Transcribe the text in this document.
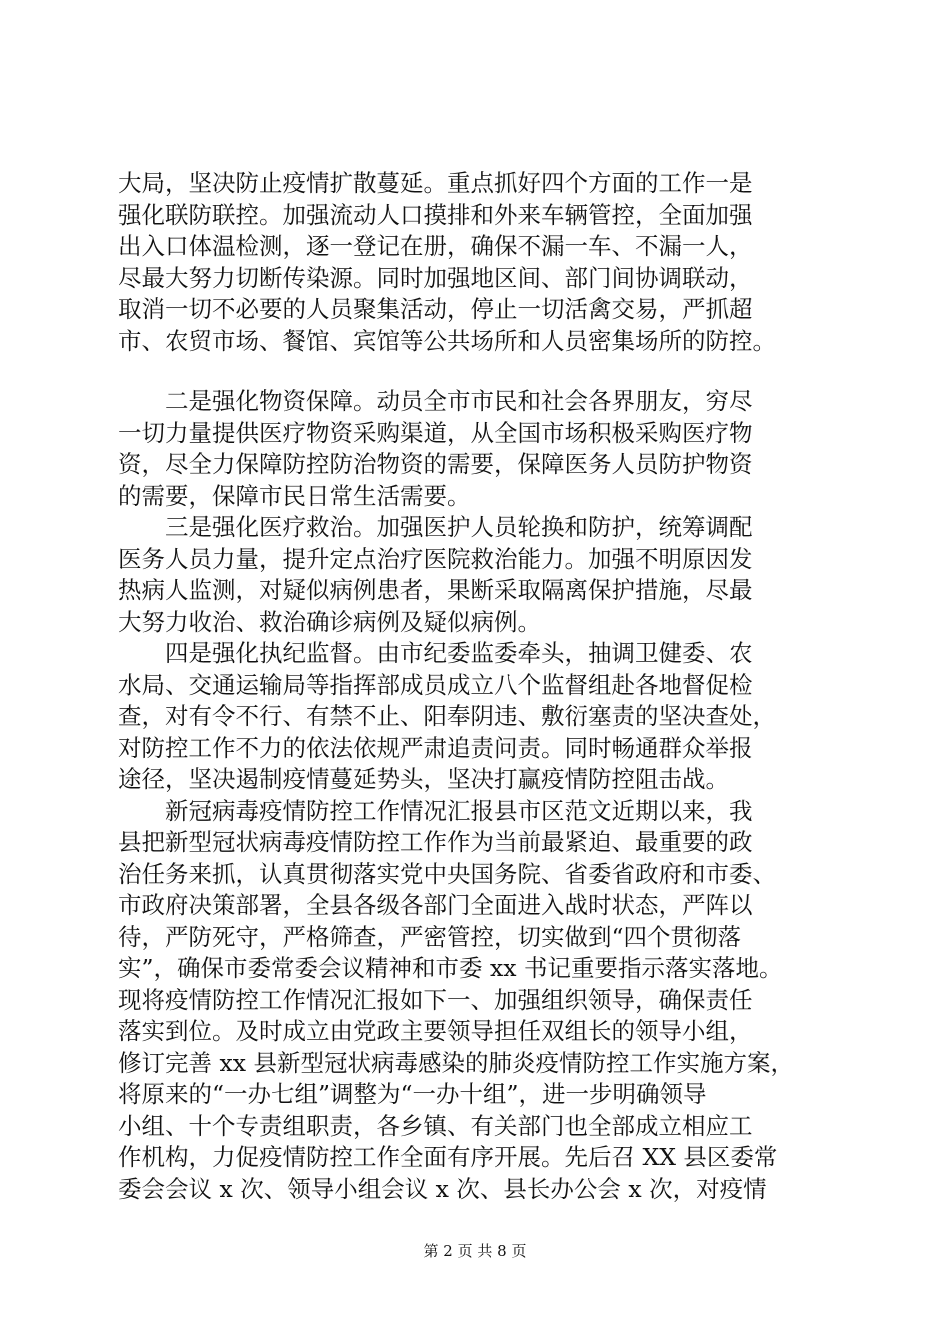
大局，坚决防止疫情扩散蔓延。重点抓好四个方面的工作一是
强化联防联控。加强流动人口摸排和外来车辆管控，全面加强
出入口体温检测，逐一登记在册，确保不漏一车、不漏一人，
尽最大努力切断传染源。同时加强地区间、部门间协调联动，
取消一切不必要的人员聚集活动，停止一切活禽交易，严抓超
市、农贸市场、餐馆、宾馆等公共场所和人员密集场所的防控。
　　二是强化物资保障。动员全市市民和社会各界朋友，穷尽
一切力量提供医疗物资采购渠道，从全国市场积极采购医疗物
资，尽全力保障防控防治物资的需要，保障医务人员防护物资
的需要，保障市民日常生活需要。
　　三是强化医疗救治。加强医护人员轮换和防护，统筹调配
医务人员力量，提升定点治疗医院救治能力。加强不明原因发
热病人监测，对疑似病例患者，果断采取隔离保护措施，尽最
大努力收治、救治确诊病例及疑似病例。
　　四是强化执纪监督。由市纪委监委牵头，抽调卫健委、农
水局、交通运输局等指挥部成员成立八个监督组赴各地督促检
查，对有令不行、有禁不止、阳奉阴违、敷衍塞责的坚决查处，
对防控工作不力的依法依规严肃追责问责。同时畅通群众举报
途径，坚决遏制疫情蔓延势头，坚决打赢疫情防控阻击战。
　　新冠病毒疫情防控工作情况汇报县市区范文近期以来，我
县把新型冠状病毒疫情防控工作作为当前最紧迫、最重要的政
治任务来抓，认真贯彻落实党中央国务院、省委省政府和市委、
市政府决策部署，全县各级各部门全面进入战时状态，严阵以
待，严防死守，严格筛查，严密管控，切实做到“四个贯彻落
实”，确保市委常委会议精神和市委 xx 书记重要指示落实落地。
现将疫情防控工作情况汇报如下一、加强组织领导，确保责任
落实到位。及时成立由党政主要领导担任双组长的领导小组，
修订完善 xx 县新型冠状病毒感染的肺炎疫情防控工作实施方案，
将原来的“一办七组”调整为“一办十组”，进一步明确领导
小组、十个专责组职责，各乡镇、有关部门也全部成立相应工
作机构，力促疫情防控工作全面有序开展。先后召 XX 县区委常
委会会议 x 次、领导小组会议 x 次、县长办公会 x 次，对疫情
第 2 页 共 8 页
